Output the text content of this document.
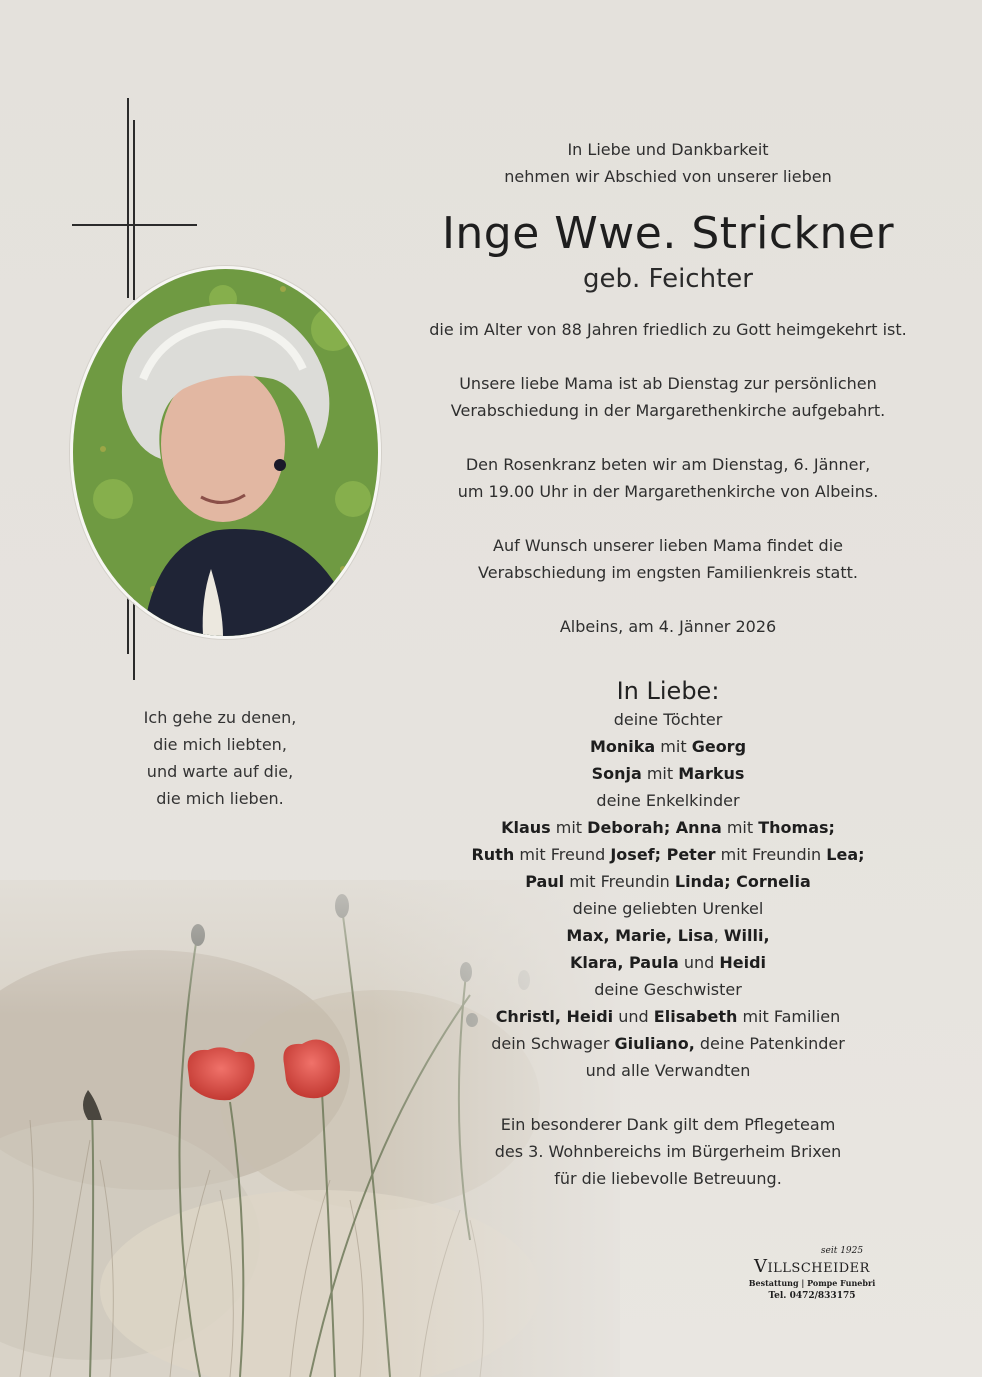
Ich gehe zu denen,
die mich liebten,
und warte auf die,
die mich lieben.
In Liebe und Dankbarkeit
nehmen wir Abschied von unserer lieben
Inge Wwe. Strickner
geb. Feichter
die im Alter von 88 Jahren friedlich zu Gott heimgekehrt ist.
Unsere liebe Mama ist ab Dienstag zur persönlichen
Verabschiedung in der Margarethenkirche aufgebahrt.
Den Rosenkranz beten wir am Dienstag, 6. Jänner,
um 19.00 Uhr in der Margarethenkirche von Albeins.
Auf Wunsch unserer lieben Mama findet die
Verabschiedung im engsten Familienkreis statt.
Albeins, am 4. Jänner 2026
In Liebe:
deine Töchter
Monika mit Georg
Sonja mit Markus
deine Enkelkinder
Klaus mit Deborah; Anna mit Thomas;
Ruth mit Freund Josef; Peter mit Freundin Lea;
Paul mit Freundin Linda; Cornelia
deine geliebten Urenkel
Max, Marie, Lisa, Willi,
Klara, Paula und Heidi
deine Geschwister
Christl, Heidi und Elisabeth mit Familien
dein Schwager Giuliano, deine Patenkinder
und alle Verwandten
Ein besonderer Dank gilt dem Pflegeteam
des 3. Wohnbereichs im Bürgerheim Brixen
für die liebevolle Betreuung.
seit 1925
Villscheider
Bestattung | Pompe Funebri
Tel. 0472/833175
